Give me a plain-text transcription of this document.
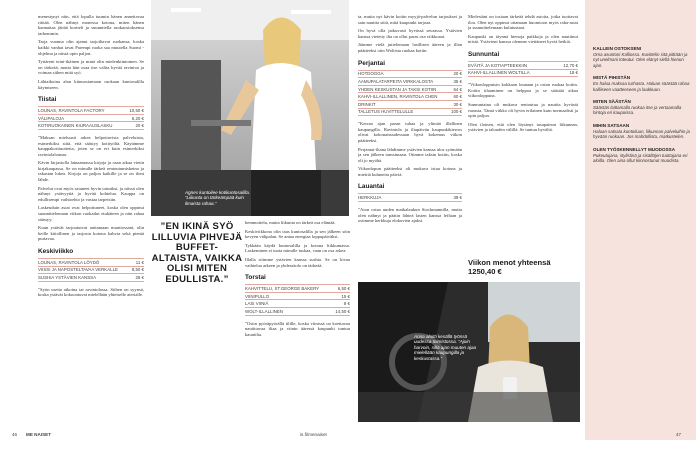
menestynyt niin, että lopulla tuumin hänen annettavaa riittää. Olen nähnyt monessa kotona, miten hänen kannattaa jättää kortteli ja suunnitella ruokaostoksensa tarkemmin.

Tarja vuonna olin ajanut tarjoiltavat ruokansa, koska kaikki vanhat tavat Parempi ruoka saa muutella Suomi -ohjelma ja niistä opin paljon.

Tyttäreni teini-ikäinen ja minä olin mielenkiintoinen. Se on tärkeää, mutta hän osaa itse valita hyvää ravintoa ja voimaa siihen mitä syö.

Lähiaikoina alan kiinnostamaan ruokaan kuntosalilla käymiseen.

Tiistai
LOUNAS, RAVINTOLA FACTORY	10,50 €
VÄLIPALOJA	6,20 €
KOTIRUOKAINEN KIURAAUSLASKU	20 €

”Maksan mieluusti arkea helpottavista palveluista, esimerkiksi siitä, että säästyy kotityöltä. Käytämme kauppakorituotteita, joten se on eri kuin esimerkiksi ravintolalounas.

Kävin kirjastolla lainaamassa kirjoja ja osan aikaa vietin kirjakaupassa. Se on minulle tärkeä rentoutumiskeino ja rakastan lukea. Kirjoja on paljon kaikille ja se on iloni lähde.

Palvelut ovat myös sataneet hyvin toimiksi, ja niissä olen nähnyt ystävyyttä ja hyvää kohtelua. Kauppa on edullisempi vaihtoehto ja vastaa tarpeisiin.

Laskeuduin asiat ovat helpottuneet, koska olen oppinut suunnittelemaan viikon ruokailut etukäteen ja niin rahaa säästyy.

Kuun ystävät tarjoutuivat auttamaan muuttossani, olin heille kiitollinen ja tarjosin kotona kahvia sekä pientä purtavaa.

Keskiviikko
LOUNAS, RAVINTOLA LÖYDÖ	11 €
VIISSI JA NAPOSTELTAVAA VERKALLE	8,50 €
SUSHIA YSTÄVIEN KANSSA	28 €

”Syön useita aikoina tai ravintolassa. Siihen on syynsä, koska ystävät kokoontuvat mielellään yhteiselle aterialle.

Agnes kuntoilee kotikuntosalilla. ”Liikunta on tärkeämpää kuin ilmaista rahaa.”
”EN IKINÄ SYÖ LILLUVIA PIHVEJÄ BUFFET-ALTAISTA, VAIKKA OLISI MITEN EDULLISTA.”

hemmottelu, mutta liikunta on tärkeä osa elämää.

Keskiviikkona olin taas kuntosalilla ja sen jälkeen söin kevyen välipalan. Se antaa energiaa loppupäiväksi.

Tykkään käydä kuntosalilla ja kotona liikkumassa. Laskeminen ei tuota minulle tuskaa, vaan on osa arkea.

Illalla söimme ystävien kanssa sushia. Se on kivaa vaihtelua arkeen ja yhdessäolo on tärkeää.

Torstai
KAHVITTELU, ST.GEORGE BAKERY	6,50 €
VIINIPULLO	15 €
LASI VIINIÄ	8 €
WOLT-ILLALLINEN	14,50 €

”Ostin pyöräpyörällä tilille, koska viinissä on koettavaa nautittavaa iltaa ja viinin ääressä kaupunki tuntuu kauniilta.

ta, mutta nyt kävin kotiin myyjä-palvelun tarjoukset ja sain nauttia siitä, mitä kaupunki tarjoaa.

On hyvä olla jatkuvasti hyvässä seurassa. Ystävien kanssa vietetty ilta on ollut paras osa viikkoani.

Jäimme vielä juttelemaan lasillisen ääreen ja illan päätteeksi otin Woltista ruokaa kotiin.

Perjantai
HOTDOGGA	20 €
AAMUPALATARPEITA VIRKKALOSTA	35 €
YHDEN KESKUSTAN JA TAKSI KOTIIN	64 €
KAHVI-ILLALLINEN, RAVINTOLA CHEN	60 €
DRINKIT	30 €
TALLETUS HUVITTELULLE	100 €

”Kerran ajan paran tuhaa ja ylimää illallinen kaupungilla. Ravintola ja iltapäivän kaupunkikierros olivat kokonaisuudessaan hyvä kokemus viikon päätteeksi.

Perjantai-iltana lähdimme ystävien kanssa ulos syömään ja sen jälkeen tanssimaan. Otimme taksin kotiin, koska oli jo myöhä.

Viikonlopun päätteeksi oli mukava istua kotona ja miettiä kuluneita päiviä.

Lauantai
HERKKUJA	39 €

”Aion ostaa uuden matkalaukun Stockmannilla, mutta olen nähnyt ja päätin lähteä lasten kanssa leffaan ja ostimme herkkuja elokuvien ajaksi.

Mielestäni on tosiaan tärkeää tehdä asioita, jotka tuottavat iloa. Olen nyt oppinut ottamaan huomioon myös raha-asiat ja suunnittelemaan kulutustani.

Kaupunki on täynnä hienoja paikkoja ja olen nauttinut niistä. Ystävieni kanssa olemme viettäneet hyviä hetkiä.

Sunnuntai
EVÄITÄ JA KOTIAPTEEKKIIN	12,70 €
KAHVI-ILLALLINEN WOLTILLA	18 €

”Viikonloppuisin kokkaan lounaan ja ostan ruokaa kotiin. Kotiin tilaaminen on helppoa ja se säästää aikaa viikonloppuna.

Sunnuntaina oli mukava rentoutua ja nauttia hyvästä ruoasta. Tämä viikko oli hyvin erilainen kuin normaalisti ja opin paljon.

Olen iloinen, että olen löytänyt tasapainon liikunnan, ystävien ja talouden välillä. Se tuntuu hyvältä.

Viikon menot yhteensä 1250,40 €
Anna aloitti kesällä työnsä uudessa toimistossa. ”Ajoin harvoin, sillä ajan muuten ajaa mielellään kaupungilla ja keskustassa.”
KALLEIN OSTOKSENI
Oma asuntoni Kalliossa. Kuvittelin sitä pitkään ja nyt unelmani toteutui. Olen elänyt siellä hienon ajan.
MISTÄ PIHISTÄN
En halua maksaa turhasta. Haluan säästää rahaa kalliiseen vaatteeseen ja laukkuun.
MITEN SÄÄSTÄN
Säästän laittamalla ruokaa itse ja vertaamalla hintoja eri kaupoissa.
MIHIN SATSAAN
Haluan satsata kuntoiluun, liikunnan palveluihin ja hyvään ruokaan. Jos mahdollista, matkustelen.
OLEN TYÖSKENNELLYT MUODOSSA
Pukeutujana, stylistinä ja sisältöjen tuottajana eri aloilla. Olen aina ollut kiinnostunut muodista.
46 ME NAISET	is.fi/menaiset	47
